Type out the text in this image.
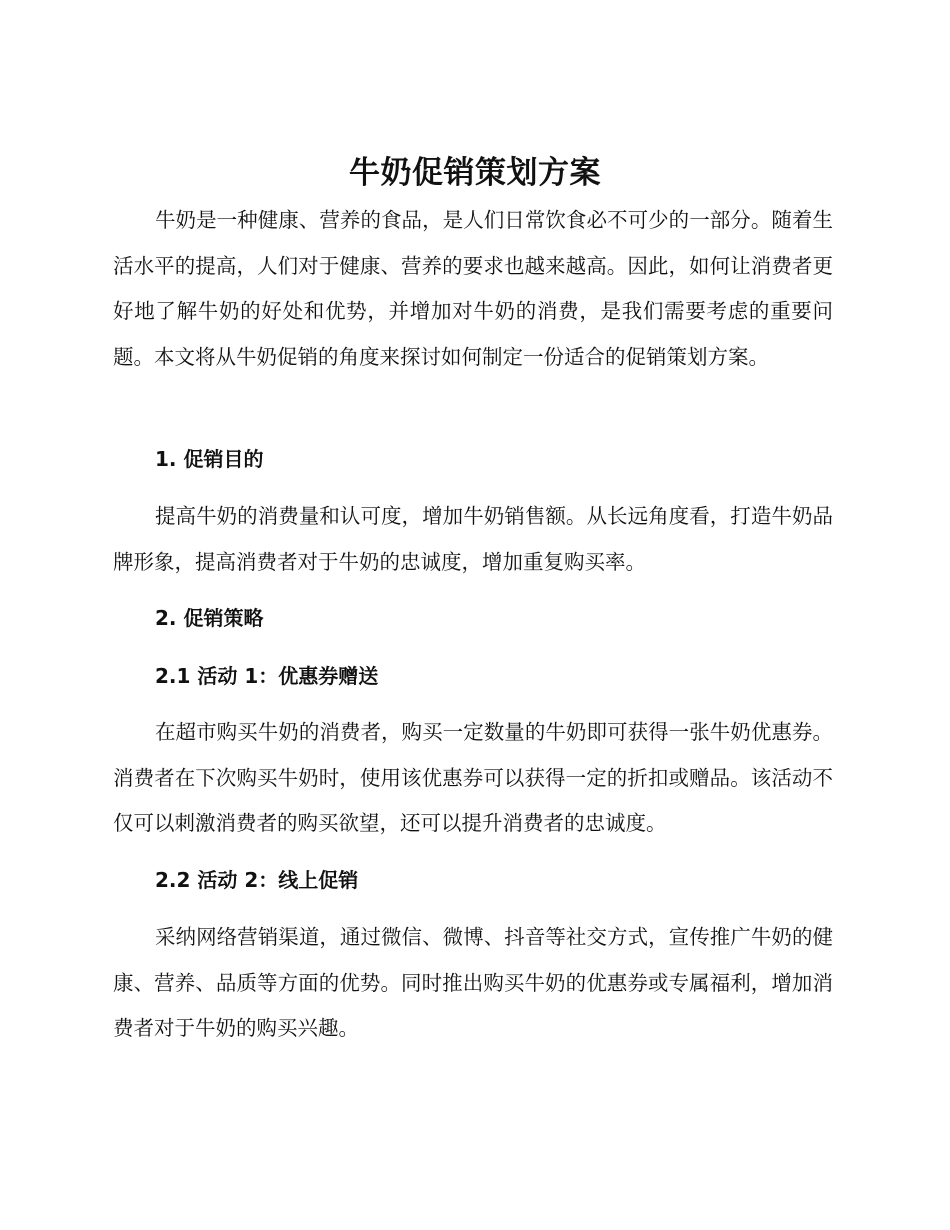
牛奶促销策划方案

牛奶是一种健康、营养的食品，是人们日常饮食必不可少的一部分。随着生活水平的提高，人们对于健康、营养的要求也越来越高。因此，如何让消费者更好地了解牛奶的好处和优势，并增加对牛奶的消费，是我们需要考虑的重要问题。本文将从牛奶促销的角度来探讨如何制定一份适合的促销策划方案。

1. 促销目的

提高牛奶的消费量和认可度，增加牛奶销售额。从长远角度看，打造牛奶品牌形象，提高消费者对于牛奶的忠诚度，增加重复购买率。

2. 促销策略
2.1 活动 1：优惠券赠送

在超市购买牛奶的消费者，购买一定数量的牛奶即可获得一张牛奶优惠券。消费者在下次购买牛奶时，使用该优惠券可以获得一定的折扣或赠品。该活动不仅可以刺激消费者的购买欲望，还可以提升消费者的忠诚度。

2.2 活动 2：线上促销

采纳网络营销渠道，通过微信、微博、抖音等社交方式，宣传推广牛奶的健康、营养、品质等方面的优势。同时推出购买牛奶的优惠券或专属福利，增加消费者对于牛奶的购买兴趣。
